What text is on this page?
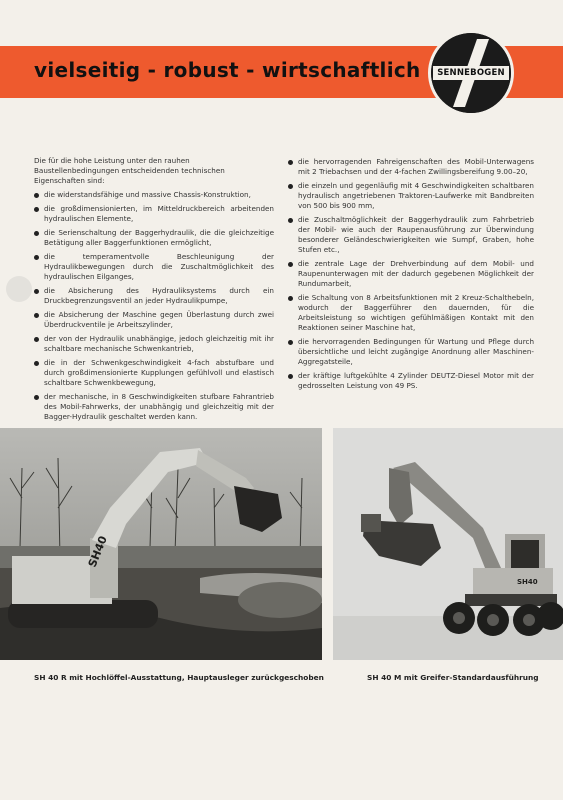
vielseitig - robust - wirtschaftlich	SENNEBOGEN

Die für die hohe Leistung unter den rauhen Baustellenbedingungen entscheidenden technischen Eigenschaften sind:

die widerstandsfähige und massive Chassis-Konstruktion,
die großdimensionierten, im Mitteldruckbereich arbeitenden hydraulischen Elemente,
die Serienschaltung der Baggerhydraulik, die die gleichzeitige Betätigung aller Baggerfunktionen ermöglicht,
die temperamentvolle Beschleunigung der Hydraulikbewegungen durch die Zuschaltmöglichkeit des hydraulischen Eilganges,
die Absicherung des Hydrauliksystems durch ein Druckbegrenzungsventil an jeder Hydraulikpumpe,
die Absicherung der Maschine gegen Überlastung durch zwei Überdruckventile je Arbeitszylinder,
der von der Hydraulik unabhängige, jedoch gleichzeitig mit ihr schaltbare mechanische Schwenkantrieb,
die in der Schwenkgeschwindigkeit 4-fach abstufbare und durch großdimensionierte Kupplungen gefühlvoll und elastisch schaltbare Schwenkbewegung,
der mechanische, in 8 Geschwindigkeiten stufbare Fahrantrieb des Mobil-Fahrwerks, der unabhängig und gleichzeitig mit der Bagger-Hydraulik geschaltet werden kann.
die hervorragenden Fahreigenschaften des Mobil-Unterwagens mit 2 Triebachsen und der 4-fachen Zwillingsbereifung 9.00–20,
die einzeln und gegenläufig mit 4 Geschwindigkeiten schaltbaren hydraulisch angetriebenen Traktoren-Laufwerke mit Bandbreiten von 500 bis 900 mm,
die Zuschaltmöglichkeit der Baggerhydraulik zum Fahrbetrieb der Mobil- wie auch der Raupenausführung zur Überwindung besonderer Geländeschwierigkeiten wie Sumpf, Graben, hohe Stufen etc.,
die zentrale Lage der Drehverbindung auf dem Mobil- und Raupenunterwagen mit der dadurch gegebenen Möglichkeit der Rundumarbeit,
die Schaltung von 8 Arbeitsfunktionen mit 2 Kreuz-Schalthebeln, wodurch der Baggerführer den dauernden, für die Arbeitsleistung so wichtigen gefühlmäßigen Kontakt mit den Reaktionen seiner Maschine hat,
die hervorragenden Bedingungen für Wartung und Pflege durch übersichtliche und leicht zugängige Anordnung aller Maschinen-Aggregatsteile,
der kräftige luftgekühlte 4 Zylinder DEUTZ-Diesel Motor mit der gedrosselten Leistung von 49 PS.
SH40
SH40
SH 40 R mit Hochlöffel-Ausstattung, Hauptausleger zurückgeschoben	SH 40 M mit Greifer-Standardausführung
